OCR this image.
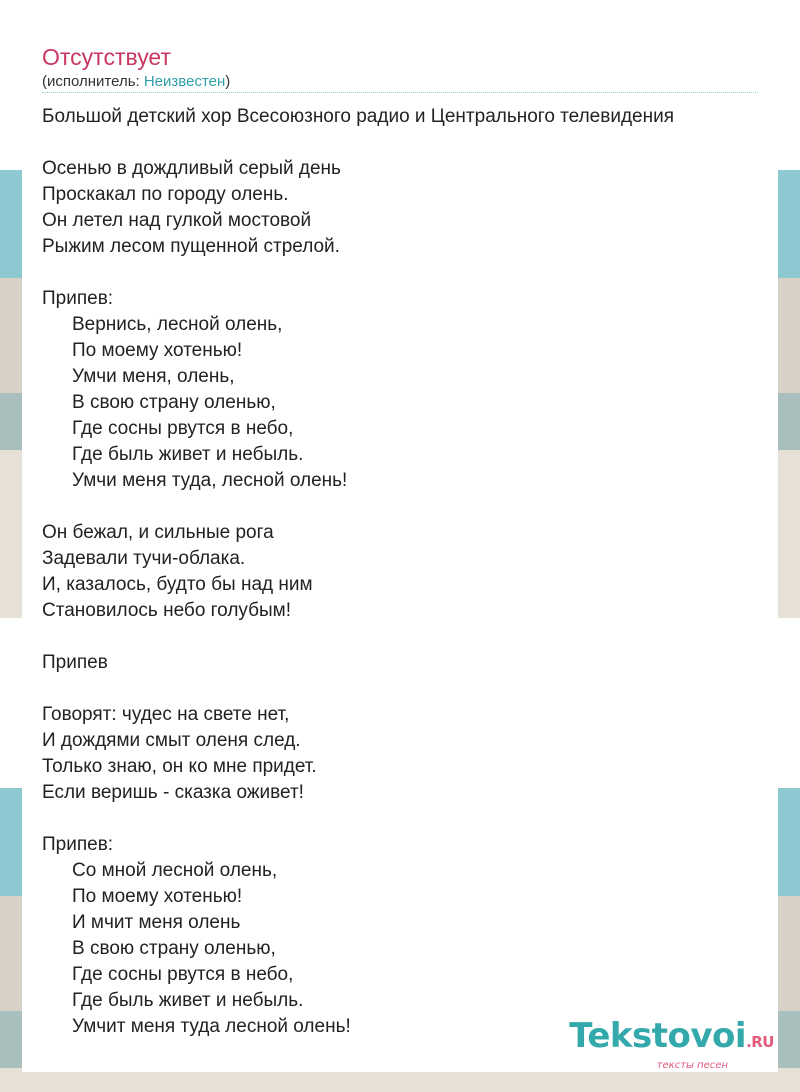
Отсутствует
(исполнитель: Неизвестен)
Большой детский хор Всесоюзного радио и Центрального телевидения
Осенью в дождливый серый день
Проскакал по городу олень.
Он летел над гулкой мостовой
Рыжим лесом пущенной стрелой.
Припев:
Вернись, лесной олень,
По моему хотенью!
Умчи меня, олень,
В свою страну оленью,
Где сосны рвутся в небо,
Где быль живет и небыль.
Умчи меня туда, лесной олень!
Он бежал, и сильные рога
Задевали тучи-облака.
И, казалось, будто бы над ним
Становилось небо голубым!
Припев
Говорят: чудес на свете нет,
И дождями смыт оленя след.
Только знаю, он ко мне придет.
Если веришь - сказка оживет!
Припев:
Со мной лесной олень,
По моему хотенью!
И мчит меня олень
В свою страну оленью,
Где сосны рвутся в небо,
Где быль живет и небыль.
Умчит меня туда лесной олень!	Tekstovoi.RU
тексты песен
